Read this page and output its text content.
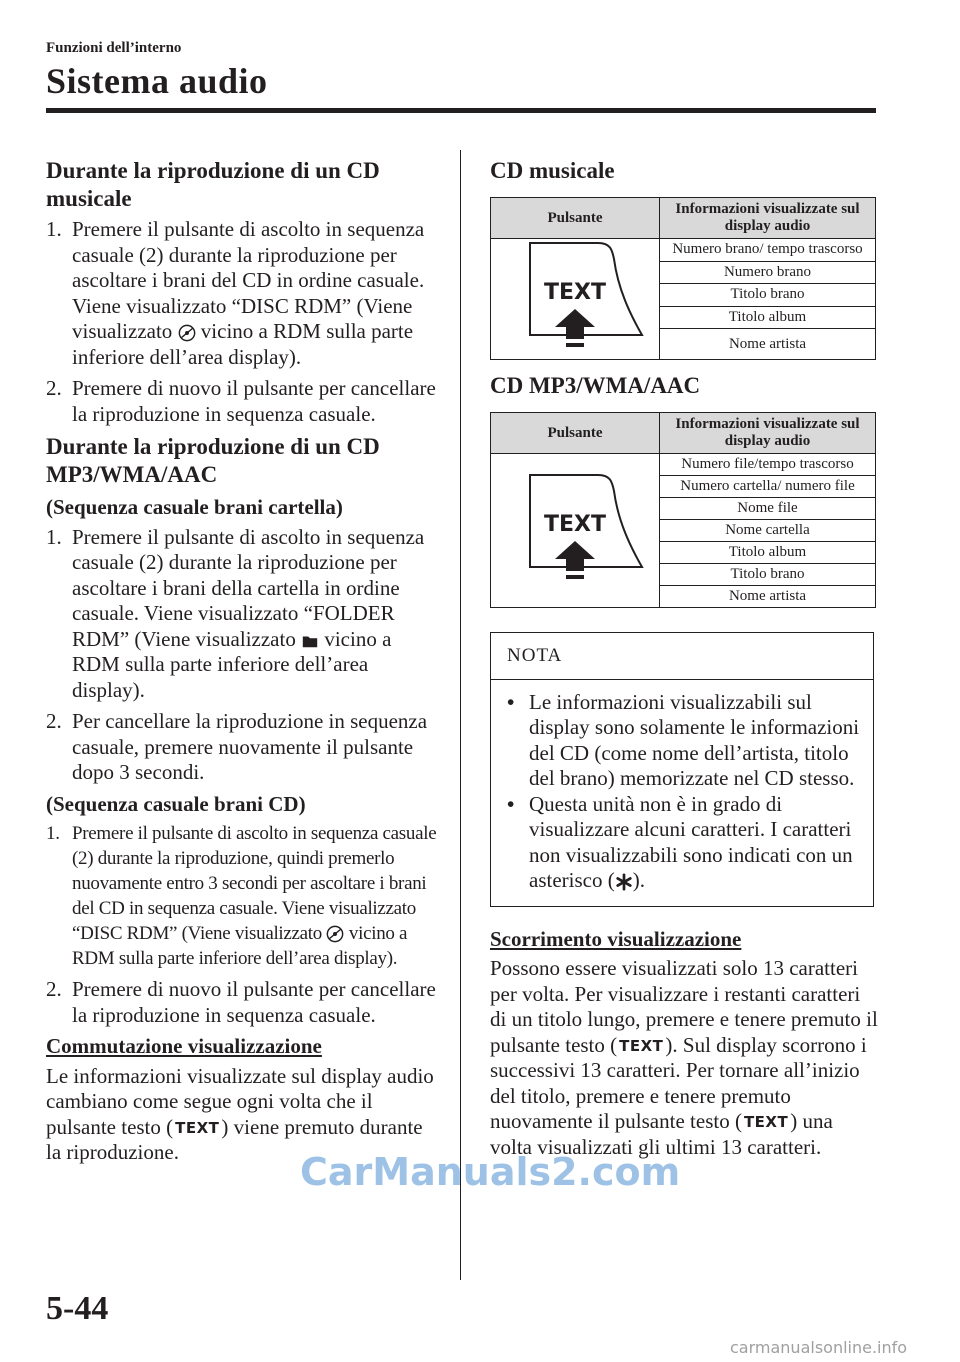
Funzioni dell’interno
Sistema audio
Durante la riproduzione di un CD musicale
1. Premere il pulsante di ascolto in sequenza casuale (2) durante la riproduzione per ascoltare i brani del CD in ordine casuale. Viene visualizzato “DISC RDM” (Viene visualizzato vicino a RDM sulla parte inferiore dell’area display).
2. Premere di nuovo il pulsante per cancellare la riproduzione in sequenza casuale.
Durante la riproduzione di un CD MP3/WMA/AAC
(Sequenza casuale brani cartella)
1. Premere il pulsante di ascolto in sequenza casuale (2) durante la riproduzione per ascoltare i brani della cartella in ordine casuale. Viene visualizzato “FOLDER RDM” (Viene visualizzato vicino a RDM sulla parte inferiore dell’area display).
2. Per cancellare la riproduzione in sequenza casuale, premere nuovamente il pulsante dopo 3 secondi.
(Sequenza casuale brani CD)
1. Premere il pulsante di ascolto in sequenza casuale (2) durante la riproduzione, quindi premerlo nuovamente entro 3 secondi per ascoltare i brani del CD in sequenza casuale. Viene visualizzato “DISC RDM” (Viene visualizzato vicino a RDM sulla parte inferiore dell’area display).
2. Premere di nuovo il pulsante per cancellare la riproduzione in sequenza casuale.
Commutazione visualizzazione
Le informazioni visualizzate sul display audio cambiano come segue ogni volta che il pulsante testo ( TEXT) viene premuto durante la riproduzione.
CD musicale
Pulsante	Informazioni visualizzate sul display audio

TEXT	Numero brano/ tempo trascorso
	Numero brano
	Titolo brano
	Titolo album
	Nome artista
CD MP3/WMA/AAC
Pulsante	Informazioni visualizzate sul display audio

TEXT	Numero file/tempo trascorso
	Numero cartella/ numero file
	Nome file
	Nome cartella
	Titolo album
	Titolo brano
	Nome artista
NOTA
• Le informazioni visualizzabili sul display sono solamente le informazioni del CD (come nome dell’artista, titolo del brano) memorizzate nel CD stesso.
• Questa unità non è in grado di visualizzare alcuni caratteri. I caratteri non visualizzabili sono indicati con un asterisco ( ).
Scorrimento visualizzazione
Possono essere visualizzati solo 13 caratteri per volta. Per visualizzare i restanti caratteri di un titolo lungo, premere e tenere premuto il pulsante testo ( TEXT). Sul display scorrono i successivi 13 caratteri. Per tornare all’inizio del titolo, premere e tenere premuto nuovamente il pulsante testo ( TEXT) una volta visualizzati gli ultimi 13 caratteri.
5-44
CarManuals2.com
carmanualsonline.info
